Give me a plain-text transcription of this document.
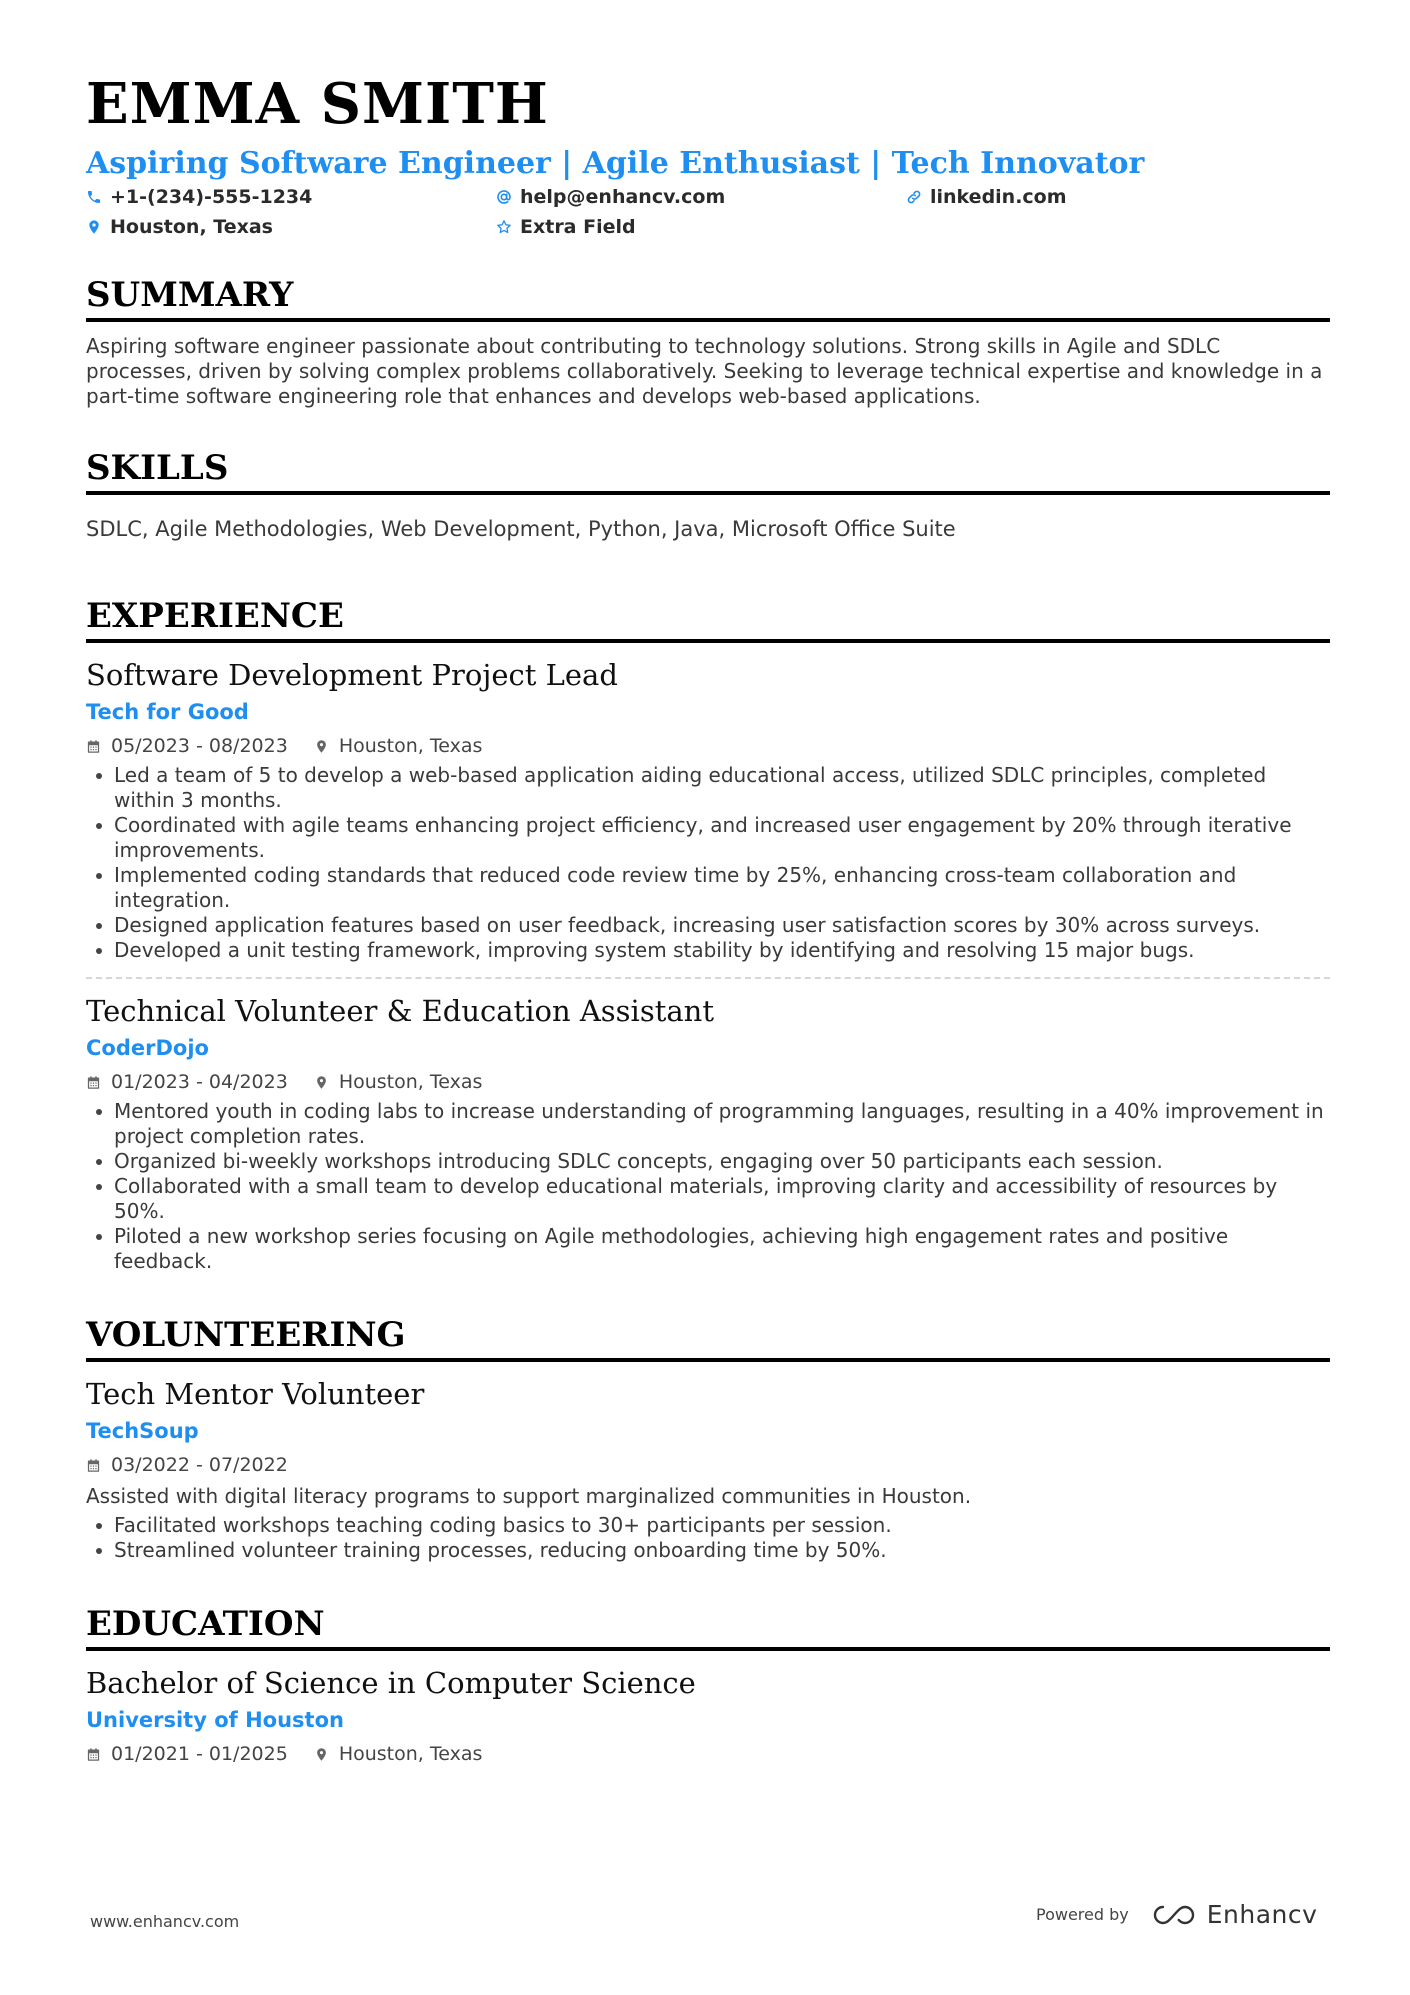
EMMA SMITH
Aspiring Software Engineer | Agile Enthusiast | Tech Innovator
+1-(234)-555-1234	help@enhancv.com	linkedin.com
Houston, Texas	Extra Field
SUMMARY
Aspiring software engineer passionate about contributing to technology solutions. Strong skills in Agile and SDLC processes, driven by solving complex problems collaboratively. Seeking to leverage technical expertise and knowledge in a part-time software engineering role that enhances and develops web-based applications.
SKILLS
SDLC, Agile Methodologies, Web Development, Python, Java, Microsoft Office Suite
EXPERIENCE
Software Development Project Lead
Tech for Good
05/2023 - 08/2023	Houston, Texas
Led a team of 5 to develop a web-based application aiding educational access, utilized SDLC principles, completed within 3 months.
Coordinated with agile teams enhancing project efficiency, and increased user engagement by 20% through iterative improvements.
Implemented coding standards that reduced code review time by 25%, enhancing cross-team collaboration and integration.
Designed application features based on user feedback, increasing user satisfaction scores by 30% across surveys.
Developed a unit testing framework, improving system stability by identifying and resolving 15 major bugs.
Technical Volunteer & Education Assistant
CoderDojo
01/2023 - 04/2023	Houston, Texas
Mentored youth in coding labs to increase understanding of programming languages, resulting in a 40% improvement in project completion rates.
Organized bi-weekly workshops introducing SDLC concepts, engaging over 50 participants each session.
Collaborated with a small team to develop educational materials, improving clarity and accessibility of resources by 50%.
Piloted a new workshop series focusing on Agile methodologies, achieving high engagement rates and positive feedback.
VOLUNTEERING
Tech Mentor Volunteer
TechSoup
03/2022 - 07/2022
Assisted with digital literacy programs to support marginalized communities in Houston.
Facilitated workshops teaching coding basics to 30+ participants per session.
Streamlined volunteer training processes, reducing onboarding time by 50%.
EDUCATION
Bachelor of Science in Computer Science
University of Houston
01/2021 - 01/2025	Houston, Texas
www.enhancv.com	Powered by	Enhancv
